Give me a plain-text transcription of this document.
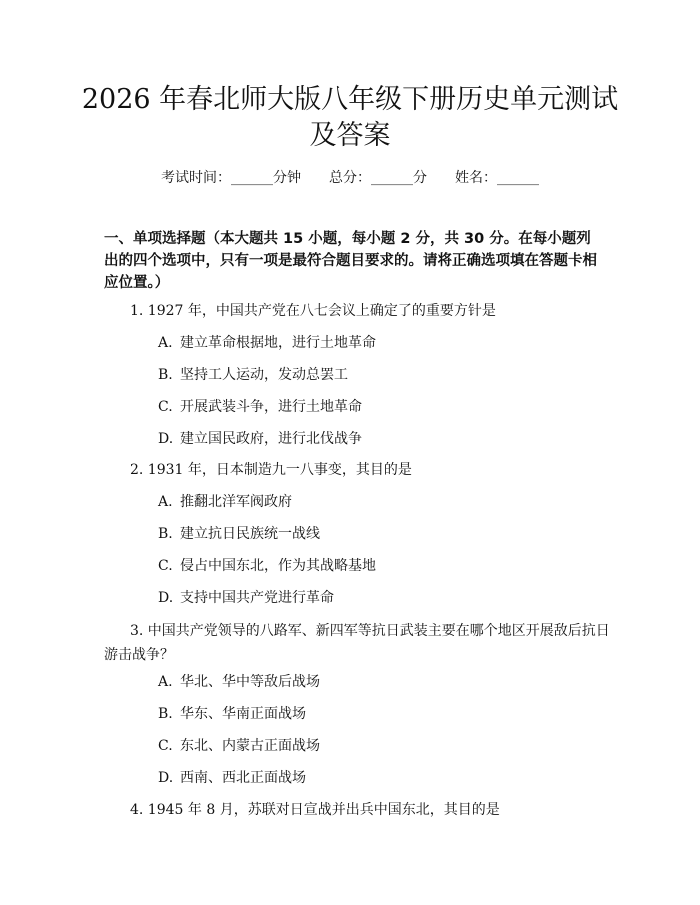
2026 年春北师大版八年级下册历史单元测试
及答案
考试时间：______分钟 总分：______分 姓名：______
一、单项选择题（本大题共 15 小题，每小题 2 分，共 30 分。在每小题列出的四个选项中，只有一项是最符合题目要求的。请将正确选项填在答题卡相应位置。）
1. 1927 年，中国共产党在八七会议上确定了的重要方针是
A. 建立革命根据地，进行土地革命
B. 坚持工人运动，发动总罢工
C. 开展武装斗争，进行土地革命
D. 建立国民政府，进行北伐战争
2. 1931 年，日本制造九一八事变，其目的是
A. 推翻北洋军阀政府
B. 建立抗日民族统一战线
C. 侵占中国东北，作为其战略基地
D. 支持中国共产党进行革命
3. 中国共产党领导的八路军、新四军等抗日武装主要在哪个地区开展敌后抗日游击战争？
A. 华北、华中等敌后战场
B. 华东、华南正面战场
C. 东北、内蒙古正面战场
D. 西南、西北正面战场
4. 1945 年 8 月，苏联对日宣战并出兵中国东北，其目的是
